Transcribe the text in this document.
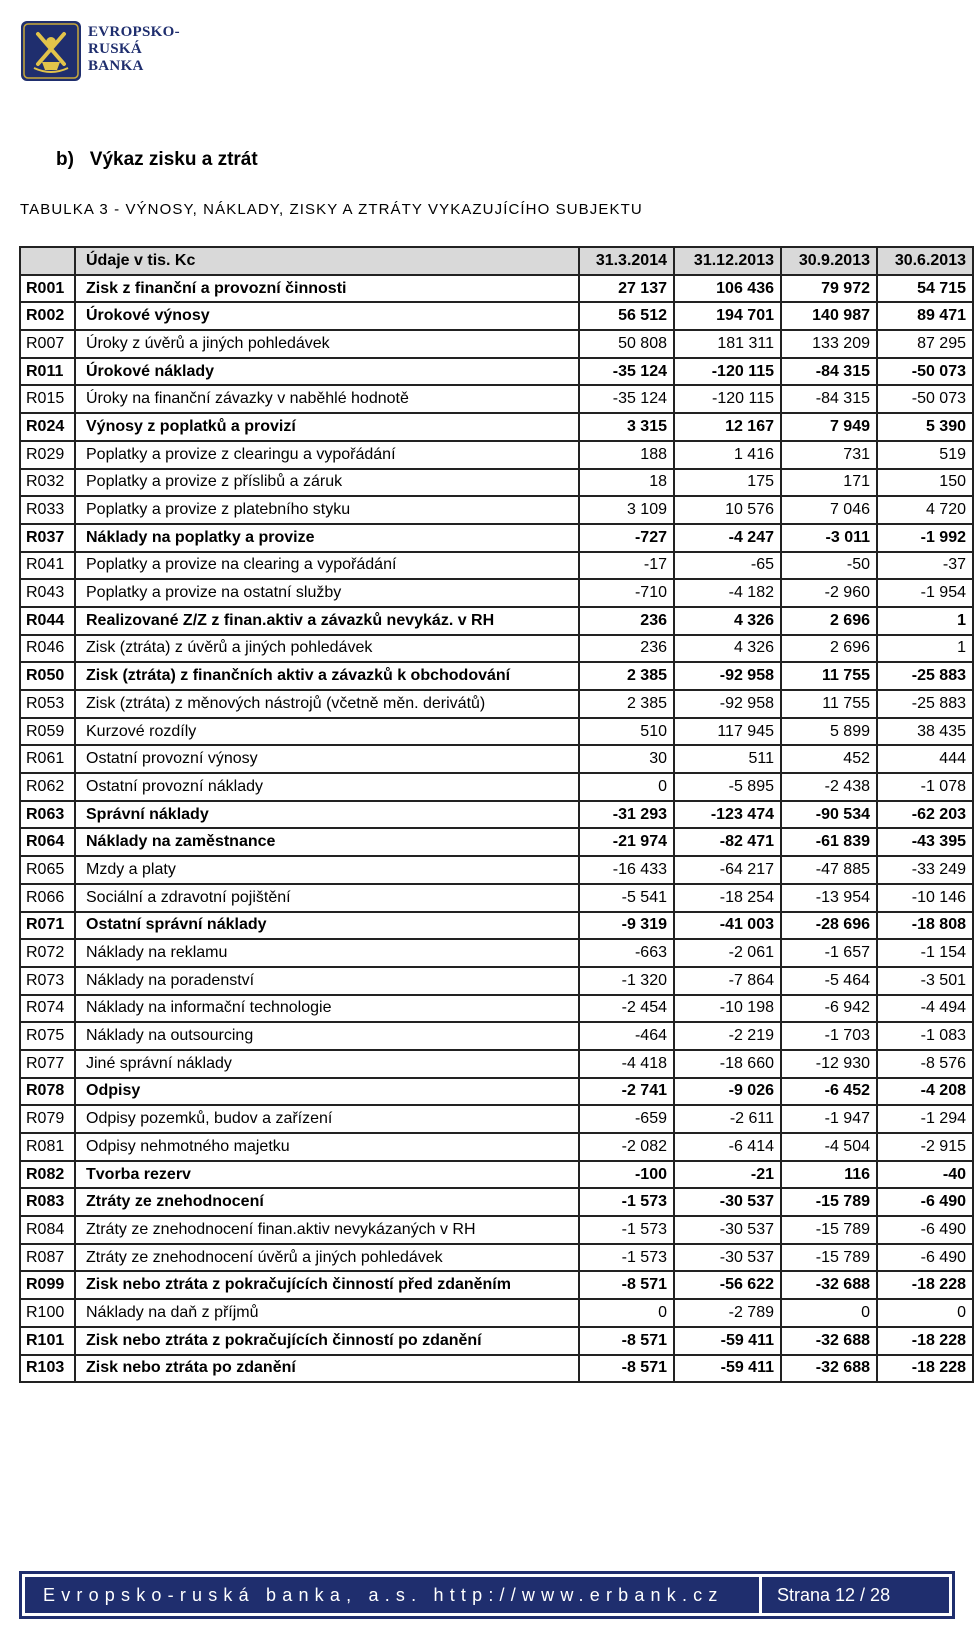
EVROPSKO-
RUSKÁ
BANKA
b)   Výkaz zisku a ztrát
TABULKA 3 - VÝNOSY, NÁKLADY, ZISKY A ZTRÁTY VYKAZUJÍCÍHO SUBJEKTU
	Údaje v tis. Kc	31.3.2014	31.12.2013	30.9.2013	30.6.2013
R001	Zisk z finanční a provozní činnosti	27 137	106 436	79 972	54 715
R002	Úrokové výnosy	56 512	194 701	140 987	89 471
R007	Úroky z úvěrů a jiných pohledávek	50 808	181 311	133 209	87 295
R011	Úrokové náklady	-35 124	-120 115	-84 315	-50 073
R015	Úroky na finanční závazky v naběhlé hodnotě	-35 124	-120 115	-84 315	-50 073
R024	Výnosy z poplatků a provizí	3 315	12 167	7 949	5 390
R029	Poplatky a provize z clearingu a vypořádání	188	1 416	731	519
R032	Poplatky a provize z příslibů a záruk	18	175	171	150
R033	Poplatky a provize z platebního styku	3 109	10 576	7 046	4 720
R037	Náklady na poplatky a provize	-727	-4 247	-3 011	-1 992
R041	Poplatky a provize na clearing a vypořádání	-17	-65	-50	-37
R043	Poplatky a provize na ostatní služby	-710	-4 182	-2 960	-1 954
R044	Realizované Z/Z z finan.aktiv a závazků nevykáz. v RH	236	4 326	2 696	1
R046	Zisk (ztráta) z úvěrů a jiných pohledávek	236	4 326	2 696	1
R050	Zisk (ztráta) z finančních aktiv a závazků k obchodování	2 385	-92 958	11 755	-25 883
R053	Zisk (ztráta) z měnových nástrojů (včetně měn. derivátů)	2 385	-92 958	11 755	-25 883
R059	Kurzové rozdíly	510	117 945	5 899	38 435
R061	Ostatní provozní výnosy	30	511	452	444
R062	Ostatní provozní náklady	0	-5 895	-2 438	-1 078
R063	Správní náklady	-31 293	-123 474	-90 534	-62 203
R064	Náklady na zaměstnance	-21 974	-82 471	-61 839	-43 395
R065	Mzdy a platy	-16 433	-64 217	-47 885	-33 249
R066	Sociální a zdravotní pojištění	-5 541	-18 254	-13 954	-10 146
R071	Ostatní správní náklady	-9 319	-41 003	-28 696	-18 808
R072	Náklady na reklamu	-663	-2 061	-1 657	-1 154
R073	Náklady na poradenství	-1 320	-7 864	-5 464	-3 501
R074	Náklady na informační technologie	-2 454	-10 198	-6 942	-4 494
R075	Náklady na outsourcing	-464	-2 219	-1 703	-1 083
R077	Jiné správní náklady	-4 418	-18 660	-12 930	-8 576
R078	Odpisy	-2 741	-9 026	-6 452	-4 208
R079	Odpisy pozemků, budov a zařízení	-659	-2 611	-1 947	-1 294
R081	Odpisy nehmotného majetku	-2 082	-6 414	-4 504	-2 915
R082	Tvorba rezerv	-100	-21	116	-40
R083	Ztráty ze znehodnocení	-1 573	-30 537	-15 789	-6 490
R084	Ztráty ze znehodnocení finan.aktiv nevykázaných v RH	-1 573	-30 537	-15 789	-6 490
R087	Ztráty ze znehodnocení úvěrů a jiných pohledávek	-1 573	-30 537	-15 789	-6 490
R099	Zisk nebo ztráta z pokračujících činností před zdaněním	-8 571	-56 622	-32 688	-18 228
R100	Náklady na daň z příjmů	0	-2 789	0	0
R101	Zisk nebo ztráta z pokračujících činností po zdanění	-8 571	-59 411	-32 688	-18 228
R103	Zisk nebo ztráta po zdanění	-8 571	-59 411	-32 688	-18 228
Evropsko-ruská banka, a.s. http://www.erbank.cz	Strana 12 / 28
